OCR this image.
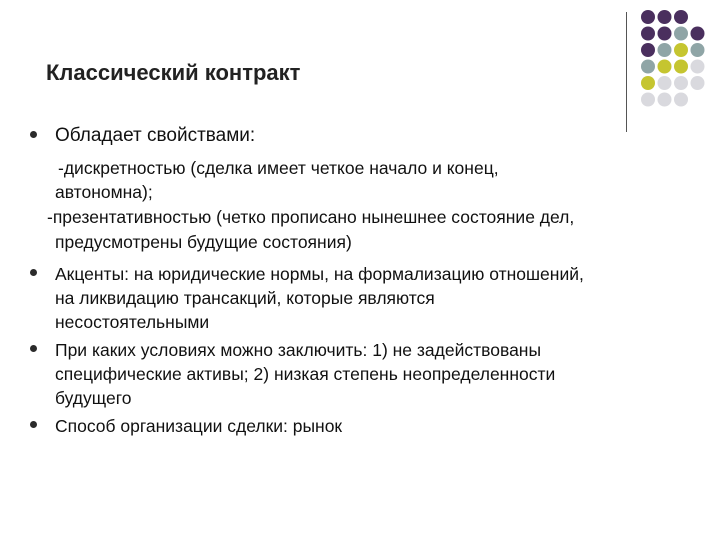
Классический контракт
Обладает свойствами:
-дискретностью (сделка имеет четкое начало и конец,
автономна);
-презентативностью (четко прописано нынешнее состояние дел,
предусмотрены будущие состояния)
Акценты: на юридические нормы, на формализацию отношений,
на ликвидацию трансакций, которые являются
несостоятельными
При каких условиях можно заключить: 1) не задействованы
специфические активы; 2) низкая степень неопределенности
будущего
Способ организации сделки: рынок
